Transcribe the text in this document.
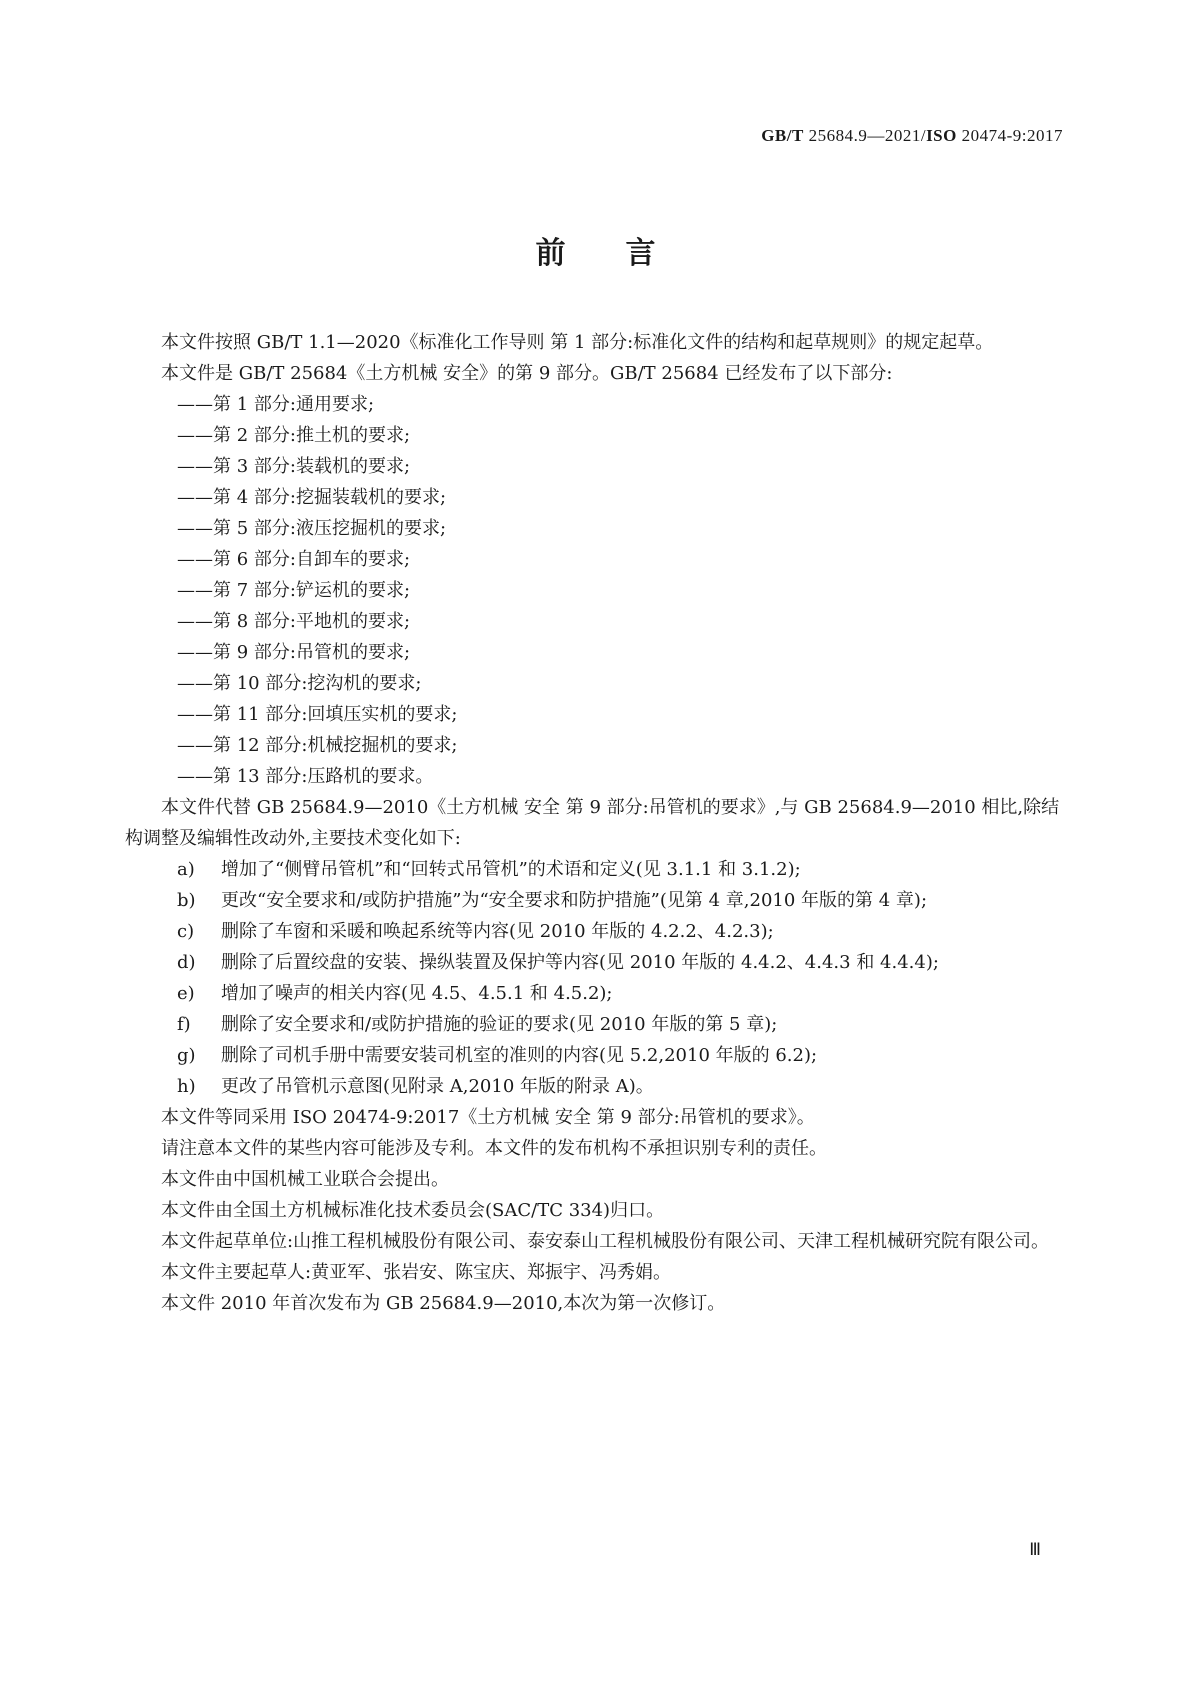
GB/T 25684.9—2021/ISO 20474-9:2017
前言

本文件按照 GB/T 1.1—2020《标准化工作导则 第 1 部分:标准化文件的结构和起草规则》的规定起草。

本文件是 GB/T 25684《土方机械 安全》的第 9 部分。GB/T 25684 已经发布了以下部分:

——第 1 部分:通用要求;

——第 2 部分:推土机的要求;

——第 3 部分:装载机的要求;

——第 4 部分:挖掘装载机的要求;

——第 5 部分:液压挖掘机的要求;

——第 6 部分:自卸车的要求;

——第 7 部分:铲运机的要求;

——第 8 部分:平地机的要求;

——第 9 部分:吊管机的要求;

——第 10 部分:挖沟机的要求;

——第 11 部分:回填压实机的要求;

——第 12 部分:机械挖掘机的要求;

——第 13 部分:压路机的要求。

本文件代替 GB 25684.9—2010《土方机械 安全 第 9 部分:吊管机的要求》,与 GB 25684.9—2010 相比,除结构调整及编辑性改动外,主要技术变化如下:

a)	增加了“侧臂吊管机”和“回转式吊管机”的术语和定义(见 3.1.1 和 3.1.2);
b)	更改“安全要求和/或防护措施”为“安全要求和防护措施”(见第 4 章,2010 年版的第 4 章);
c)	删除了车窗和采暖和唤起系统等内容(见 2010 年版的 4.2.2、4.2.3);
d)	删除了后置绞盘的安装、操纵装置及保护等内容(见 2010 年版的 4.4.2、4.4.3 和 4.4.4);
e)	增加了噪声的相关内容(见 4.5、4.5.1 和 4.5.2);
f)	删除了安全要求和/或防护措施的验证的要求(见 2010 年版的第 5 章);
g)	删除了司机手册中需要安装司机室的准则的内容(见 5.2,2010 年版的 6.2);
h)	更改了吊管机示意图(见附录 A,2010 年版的附录 A)。

本文件等同采用 ISO 20474-9:2017《土方机械 安全 第 9 部分:吊管机的要求》。

请注意本文件的某些内容可能涉及专利。本文件的发布机构不承担识别专利的责任。

本文件由中国机械工业联合会提出。

本文件由全国土方机械标准化技术委员会(SAC/TC 334)归口。

本文件起草单位:山推工程机械股份有限公司、泰安泰山工程机械股份有限公司、天津工程机械研究院有限公司。

本文件主要起草人:黄亚军、张岩安、陈宝庆、郑振宇、冯秀娟。

本文件 2010 年首次发布为 GB 25684.9—2010,本次为第一次修订。

Ⅲ
